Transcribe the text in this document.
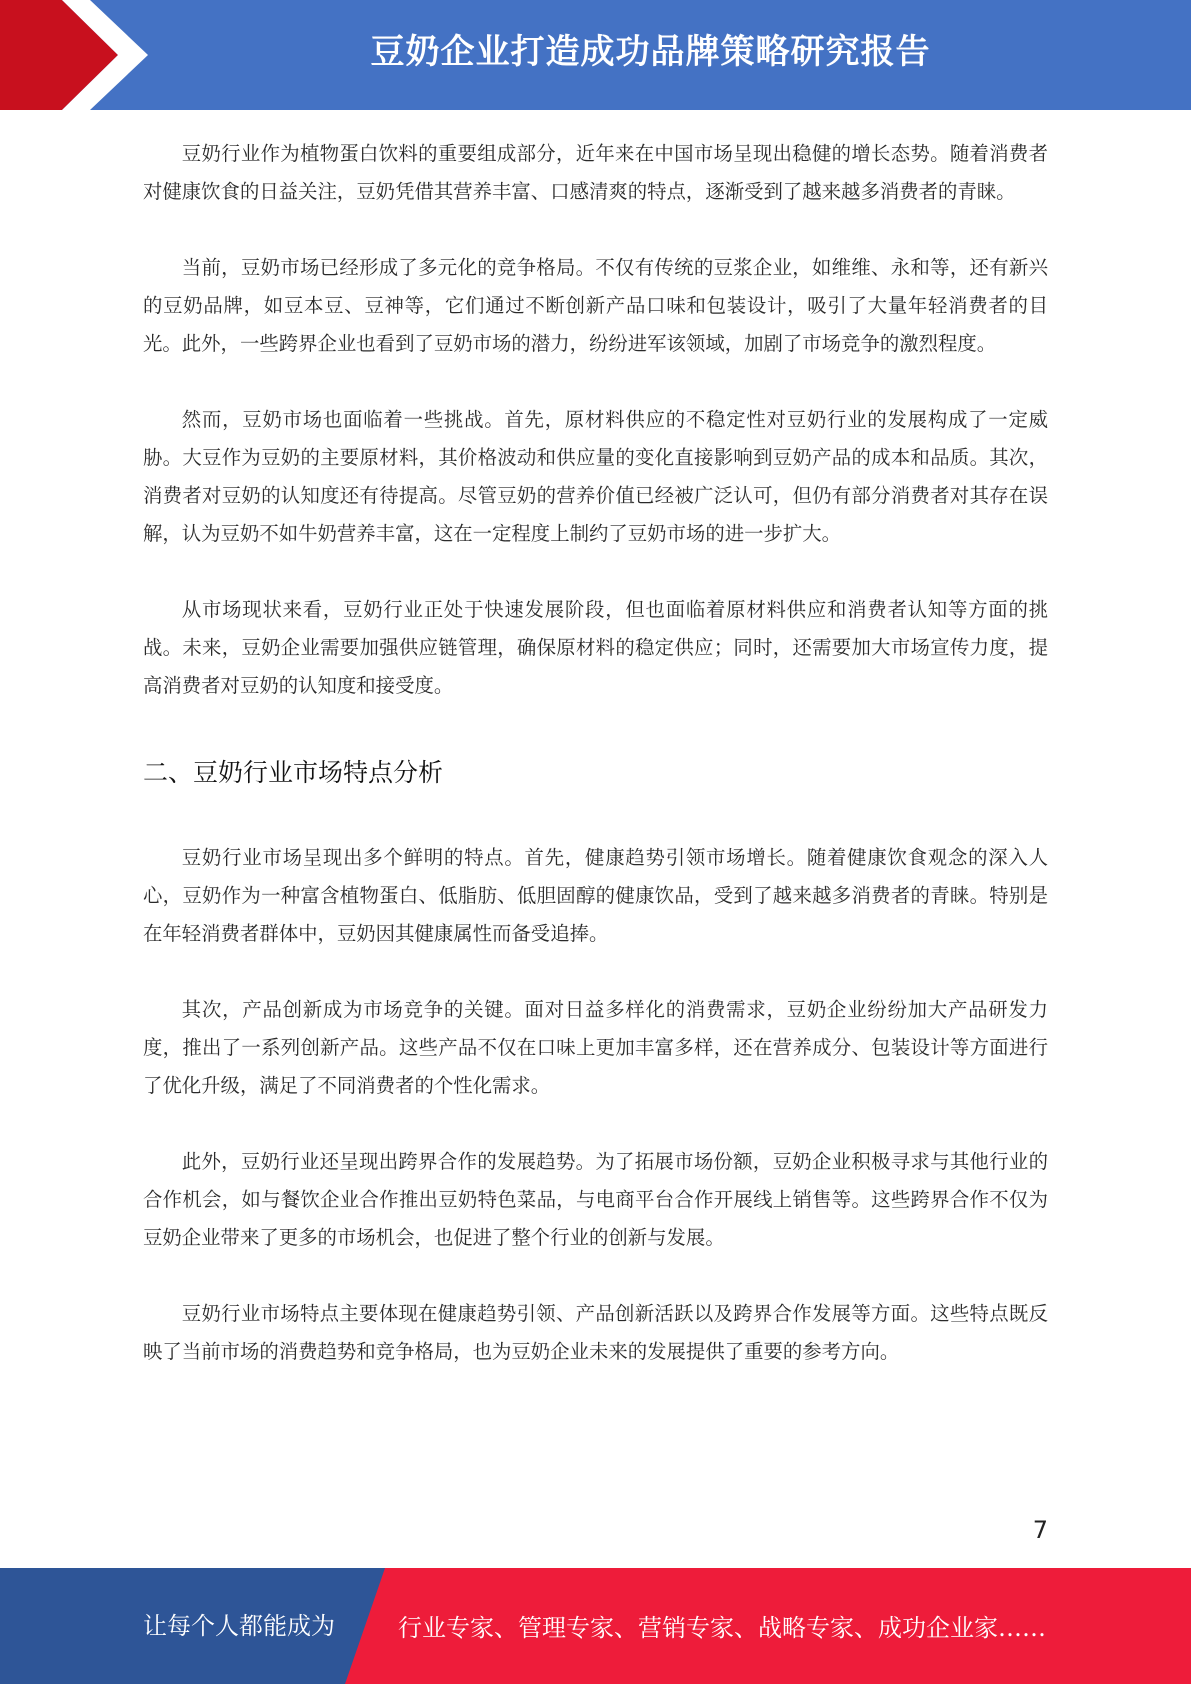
豆奶企业打造成功品牌策略研究报告

豆奶行业作为植物蛋白饮料的重要组成部分，近年来在中国市场呈现出稳健的增长态势。随着消费者对健康饮食的日益关注，豆奶凭借其营养丰富、口感清爽的特点，逐渐受到了越来越多消费者的青睐。

当前，豆奶市场已经形成了多元化的竞争格局。不仅有传统的豆浆企业，如维维、永和等，还有新兴的豆奶品牌，如豆本豆、豆神等，它们通过不断创新产品口味和包装设计，吸引了大量年轻消费者的目光。此外，一些跨界企业也看到了豆奶市场的潜力，纷纷进军该领域，加剧了市场竞争的激烈程度。

然而，豆奶市场也面临着一些挑战。首先，原材料供应的不稳定性对豆奶行业的发展构成了一定威胁。大豆作为豆奶的主要原材料，其价格波动和供应量的变化直接影响到豆奶产品的成本和品质。其次，消费者对豆奶的认知度还有待提高。尽管豆奶的营养价值已经被广泛认可，但仍有部分消费者对其存在误解，认为豆奶不如牛奶营养丰富，这在一定程度上制约了豆奶市场的进一步扩大。

从市场现状来看，豆奶行业正处于快速发展阶段，但也面临着原材料供应和消费者认知等方面的挑战。未来，豆奶企业需要加强供应链管理，确保原材料的稳定供应；同时，还需要加大市场宣传力度，提高消费者对豆奶的认知度和接受度。

二、豆奶行业市场特点分析

豆奶行业市场呈现出多个鲜明的特点。首先，健康趋势引领市场增长。随着健康饮食观念的深入人心，豆奶作为一种富含植物蛋白、低脂肪、低胆固醇的健康饮品，受到了越来越多消费者的青睐。特别是在年轻消费者群体中，豆奶因其健康属性而备受追捧。

其次，产品创新成为市场竞争的关键。面对日益多样化的消费需求，豆奶企业纷纷加大产品研发力度，推出了一系列创新产品。这些产品不仅在口味上更加丰富多样，还在营养成分、包装设计等方面进行了优化升级，满足了不同消费者的个性化需求。

此外，豆奶行业还呈现出跨界合作的发展趋势。为了拓展市场份额，豆奶企业积极寻求与其他行业的合作机会，如与餐饮企业合作推出豆奶特色菜品，与电商平台合作开展线上销售等。这些跨界合作不仅为豆奶企业带来了更多的市场机会，也促进了整个行业的创新与发展。

豆奶行业市场特点主要体现在健康趋势引领、产品创新活跃以及跨界合作发展等方面。这些特点既反映了当前市场的消费趋势和竞争格局，也为豆奶企业未来的发展提供了重要的参考方向。

7
让每个人都能成为	行业专家、管理专家、营销专家、战略专家、成功企业家……
